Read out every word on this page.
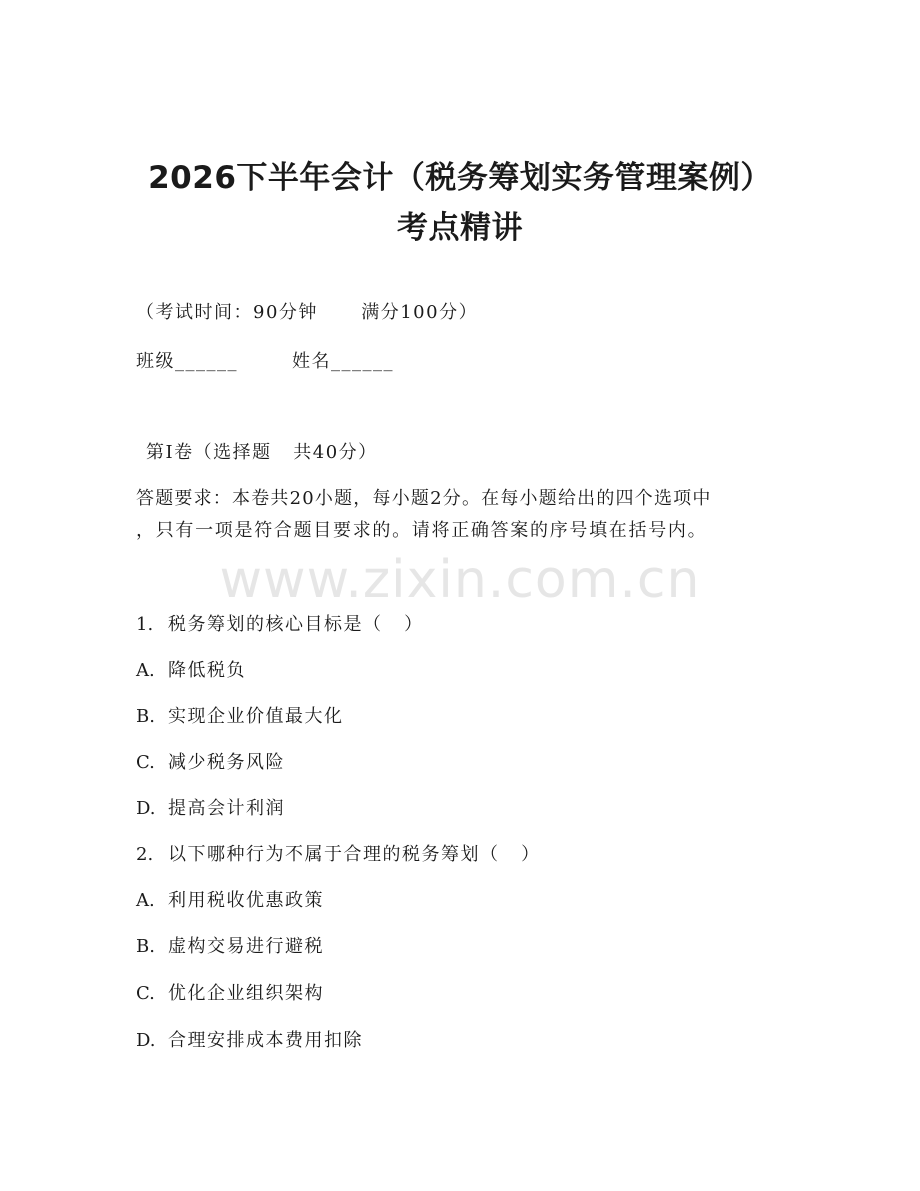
2026下半年会计（税务筹划实务管理案例）
考点精讲
（考试时间：90分钟      满分100分）
班级______	姓名______
第Ⅰ卷（选择题   共40分）
答题要求：本卷共20小题，每小题2分。在每小题给出的四个选项中
，只有一项是符合题目要求的。请将正确答案的序号填在括号内。
www.zixin.com.cn
1. 税务筹划的核心目标是（   ）
A. 降低税负
B. 实现企业价值最大化
C. 减少税务风险
D. 提高会计利润
2. 以下哪种行为不属于合理的税务筹划（   ）
A. 利用税收优惠政策
B. 虚构交易进行避税
C. 优化企业组织架构
D. 合理安排成本费用扣除
